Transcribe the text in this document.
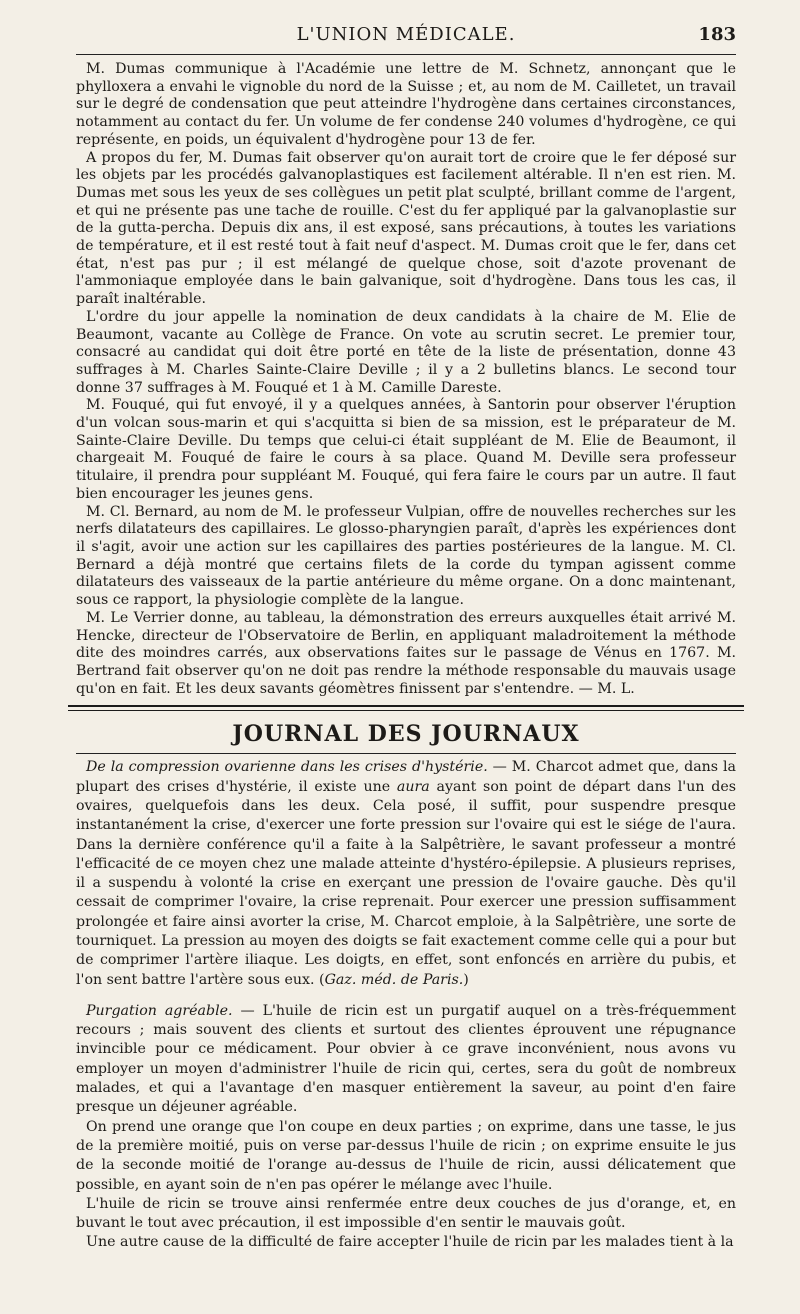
L'UNION MÉDICALE.	183

M. Dumas communique à l'Académie une lettre de M. Schnetz, annonçant que le phylloxera a envahi le vignoble du nord de la Suisse ; et, au nom de M. Cailletet, un travail sur le degré de condensation que peut atteindre l'hydrogène dans certaines circonstances, notamment au contact du fer. Un volume de fer condense 240 volumes d'hydrogène, ce qui représente, en poids, un équivalent d'hydrogène pour 13 de fer.

A propos du fer, M. Dumas fait observer qu'on aurait tort de croire que le fer déposé sur les objets par les procédés galvanoplastiques est facilement altérable. Il n'en est rien. M. Dumas met sous les yeux de ses collègues un petit plat sculpté, brillant comme de l'argent, et qui ne présente pas une tache de rouille. C'est du fer appliqué par la galvanoplastie sur de la gutta-percha. Depuis dix ans, il est exposé, sans précautions, à toutes les variations de température, et il est resté tout à fait neuf d'aspect. M. Dumas croit que le fer, dans cet état, n'est pas pur ; il est mélangé de quelque chose, soit d'azote provenant de l'ammoniaque employée dans le bain galvanique, soit d'hydrogène. Dans tous les cas, il paraît inaltérable.

L'ordre du jour appelle la nomination de deux candidats à la chaire de M. Elie de Beaumont, vacante au Collège de France. On vote au scrutin secret. Le premier tour, consacré au candidat qui doit être porté en tête de la liste de présentation, donne 43 suffrages à M. Charles Sainte-Claire Deville ; il y a 2 bulletins blancs. Le second tour donne 37 suffrages à M. Fouqué et 1 à M. Camille Dareste.

M. Fouqué, qui fut envoyé, il y a quelques années, à Santorin pour observer l'éruption d'un volcan sous-marin et qui s'acquitta si bien de sa mission, est le préparateur de M. Sainte-Claire Deville. Du temps que celui-ci était suppléant de M. Elie de Beaumont, il chargeait M. Fouqué de faire le cours à sa place. Quand M. Deville sera professeur titulaire, il prendra pour suppléant M. Fouqué, qui fera faire le cours par un autre. Il faut bien encourager les jeunes gens.

M. Cl. Bernard, au nom de M. le professeur Vulpian, offre de nouvelles recherches sur les nerfs dilatateurs des capillaires. Le glosso-pharyngien paraît, d'après les expériences dont il s'agit, avoir une action sur les capillaires des parties postérieures de la langue. M. Cl. Bernard a déjà montré que certains filets de la corde du tympan agissent comme dilatateurs des vaisseaux de la partie antérieure du même organe. On a donc maintenant, sous ce rapport, la physiologie complète de la langue.

M. Le Verrier donne, au tableau, la démonstration des erreurs auxquelles était arrivé M. Hencke, directeur de l'Observatoire de Berlin, en appliquant maladroitement la méthode dite des moindres carrés, aux observations faites sur le passage de Vénus en 1767. M. Bertrand fait observer qu'on ne doit pas rendre la méthode responsable du mauvais usage qu'on en fait. Et les deux savants géomètres finissent par s'entendre. — M. L.

JOURNAL DES JOURNAUX

De la compression ovarienne dans les crises d'hystérie. — M. Charcot admet que, dans la plupart des crises d'hystérie, il existe une aura ayant son point de départ dans l'un des ovaires, quelquefois dans les deux. Cela posé, il suffit, pour suspendre presque instantanément la crise, d'exercer une forte pression sur l'ovaire qui est le siége de l'aura. Dans la dernière conférence qu'il a faite à la Salpêtrière, le savant professeur a montré l'efficacité de ce moyen chez une malade atteinte d'hystéro-épilepsie. A plusieurs reprises, il a suspendu à volonté la crise en exerçant une pression de l'ovaire gauche. Dès qu'il cessait de comprimer l'ovaire, la crise reprenait. Pour exercer une pression suffisamment prolongée et faire ainsi avorter la crise, M. Charcot emploie, à la Salpêtrière, une sorte de tourniquet. La pression au moyen des doigts se fait exactement comme celle qui a pour but de comprimer l'artère iliaque. Les doigts, en effet, sont enfoncés en arrière du pubis, et l'on sent battre l'artère sous eux. (Gaz. méd. de Paris.)

Purgation agréable. — L'huile de ricin est un purgatif auquel on a très-fréquemment recours ; mais souvent des clients et surtout des clientes éprouvent une répugnance invincible pour ce médicament. Pour obvier à ce grave inconvénient, nous avons vu employer un moyen d'administrer l'huile de ricin qui, certes, sera du goût de nombreux malades, et qui a l'avantage d'en masquer entièrement la saveur, au point d'en faire presque un déjeuner agréable.

On prend une orange que l'on coupe en deux parties ; on exprime, dans une tasse, le jus de la première moitié, puis on verse par-dessus l'huile de ricin ; on exprime ensuite le jus de la seconde moitié de l'orange au-dessus de l'huile de ricin, aussi délicatement que possible, en ayant soin de n'en pas opérer le mélange avec l'huile.

L'huile de ricin se trouve ainsi renfermée entre deux couches de jus d'orange, et, en buvant le tout avec précaution, il est impossible d'en sentir le mauvais goût.

Une autre cause de la difficulté de faire accepter l'huile de ricin par les malades tient à la
